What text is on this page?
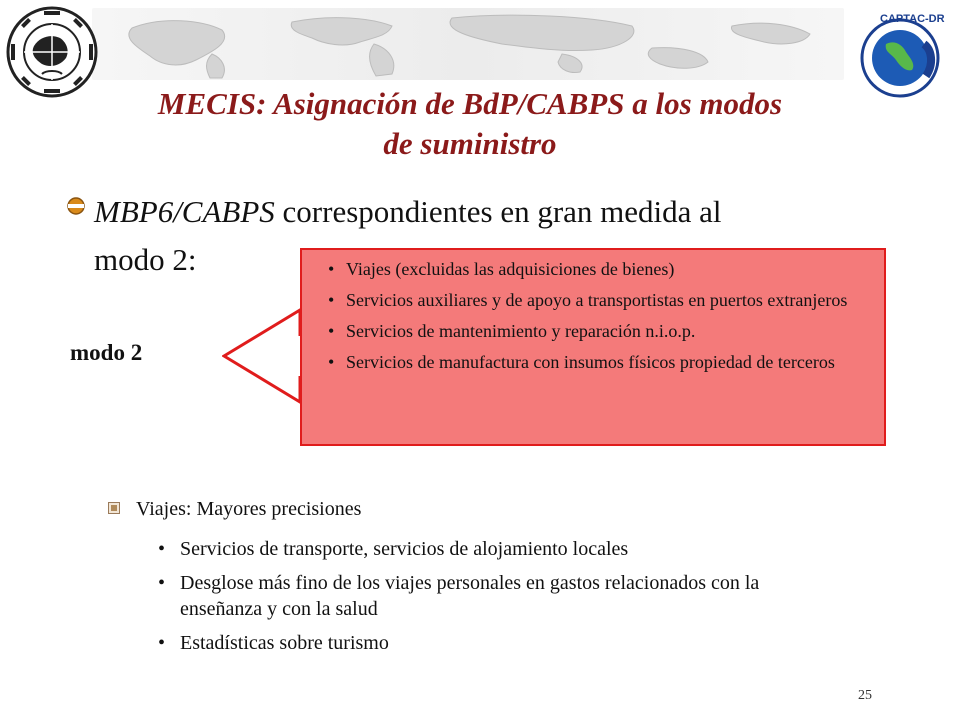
CAPTAC-DR
MECIS: Asignación de BdP/CABPS a los modos
de suministro
MBP6/CABPS correspondientes en gran medida al
modo 2:
modo 2
• Viajes (excluidas las adquisiciones de bienes)
• Servicios auxiliares y de apoyo a transportistas en puertos extranjeros
• Servicios de mantenimiento y reparación n.i.o.p.
• Servicios de manufactura con insumos físicos propiedad de terceros
Viajes: Mayores precisiones
• Servicios de transporte, servicios de alojamiento locales
• Desglose más fino de los viajes personales en gastos relacionados con la enseñanza y con la salud
• Estadísticas sobre turismo
25
